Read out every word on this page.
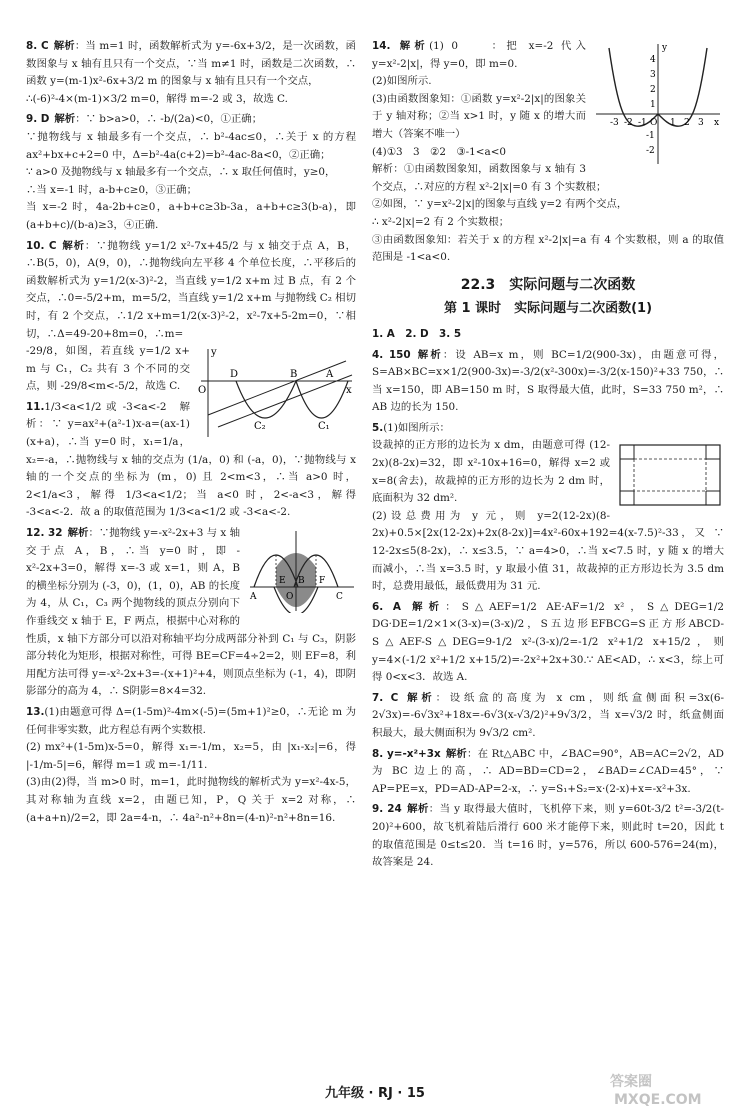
8. C 解析：当 m=1 时，函数解析式为 y=-6x+3/2，是一次函数，函数图象与 x 轴有且只有一个交点，∵当 m≠1 时，函数是二次函数，∴函数 y=(m-1)x²-6x+3/2 m 的图象与 x 轴有且只有一个交点，

∴(-6)²-4×(m-1)×3/2 m=0，解得 m=-2 或 3，故选 C.

9. D 解析：∵ b>a>0，∴ -b/(2a)<0，①正确；

∵抛物线与 x 轴最多有一个交点，∴ b²-4ac≤0，∴关于 x 的方程 ax²+bx+c+2=0 中，Δ=b²-4a(c+2)=b²-4ac-8a<0，②正确；

∵ a>0 及抛物线与 x 轴最多有一个交点，∴ x 取任何值时，y≥0，

∴当 x=-1 时，a-b+c≥0，③正确；

当 x=-2 时，4a-2b+c≥0，a+b+c≥3b-3a，a+b+c≥3(b-a)，即 (a+b+c)/(b-a)≥3，④正确.

10. C 解析：∵抛物线 y=1/2 x²-7x+45/2 与 x 轴交于点 A，B，∴B(5，0)，A(9，0)，∴抛物线向左平移 4 个单位长度，∴平移后的函数解析式为 y=1/2(x-3)²-2，当直线 y=1/2 x+m 过 B 点，有 2 个交点，∴0=-5/2+m，m=5/2，当直线 y=1/2 x+m 与抛物线 C₂ 相切时，有 2 个交点，∴1/2 x+m=1/2(x-3)²-2，x²-7x+5-2m=0，∵相切，∴Δ=49-20+8m=0，∴m=

y
D	B	A
x
O
C₂	C₁

-29/8，如图，若直线 y=1/2 x+ m 与 C₁，C₂ 共有 3 个不同的交点，则 -29/8<m<-5/2，故选 C.

11.1/3<a<1/2 或 -3<a<-2　解析：∵ y=ax²+(a²-1)x-a=(ax-1)(x+a)，∴当 y=0 时，x₁=1/a，x₂=-a，∴抛物线与 x 轴的交点为 (1/a，0) 和 (-a，0)，∵抛物线与 x 轴的一个交点的坐标为 (m，0) 且 2<m<3，∴当 a>0 时，2<1/a<3，解得 1/3<a<1/2；当 a<0 时，2<-a<3，解得 -3<a<-2．故 a 的取值范围为 1/3<a<1/2 或 -3<a<-2.

E B F
A	O	C

12. 32 解析：∵抛物线 y=-x²-2x+3 与 x 轴交于点 A，B，∴当 y=0 时，即 -x²-2x+3=0，解得 x=-3 或 x=1，则 A，B 的横坐标分别为 (-3，0)，(1，0)，AB 的长度为 4，从 C₁，C₃ 两个抛物线的顶点分别向下作垂线交 x 轴于 E，F 两点，根据中心对称的性质，x 轴下方部分可以沿对称轴平均分成两部分补到 C₁ 与 C₃，阴影部分转化为矩形，根据对称性，可得 BE=CF=4÷2=2，则 EF=8，利用配方法可得 y=-x²-2x+3=-(x+1)²+4，则顶点坐标为 (-1，4)，即阴影部分的高为 4，∴ S阴影=8×4=32.

13.(1)由题意可得 Δ=(1-5m)²-4m×(-5)=(5m+1)²≥0，∴无论 m 为任何非零实数，此方程总有两个实数根.

(2) mx²+(1-5m)x-5=0，解得 x₁=-1/m，x₂=5，由 |x₁-x₂|=6，得 |-1/m-5|=6，解得 m=1 或 m=-1/11.

(3)由(2)得，当 m>0 时，m=1，此时抛物线的解析式为 y=x²-4x-5，其对称轴为直线 x=2，由题已知，P，Q 关于 x=2 对称，∴ (a+a+n)/2=2，即 2a=4-n，∴ 4a²-n²+8n=(4-n)²-n²+8n=16.

-3 -2 -1 O 1 2 3 x
y
4
3
2
1
-1
-2

14. 解析(1) 0　　：把 x=-2 代入 y=x²-2|x|，得 y=0，即 m=0.

(2)如图所示.

(3)由函数图象知：①函数 y=x²-2|x|的图象关于 y 轴对称；②当 x>1 时，y 随 x 的增大而增大（答案不唯一）

(4)①3　3　②2　③-1<a<0

解析：①由函数图象知，函数图象与 x 轴有 3 个交点，∴对应的方程 x²-2|x|=0 有 3 个实数根；

②如图，∵ y=x²-2|x|的图象与直线 y=2 有两个交点，

∴ x²-2|x|=2 有 2 个实数根；

③由函数图象知：若关于 x 的方程 x²-2|x|=a 有 4 个实数根，则 a 的取值范围是 -1<a<0.

22.3　实际问题与二次函数
第 1 课时　实际问题与二次函数(1)

1. A　2. D　3. 5

4. 150 解析：设 AB=x m，则 BC=1/2(900-3x)，由题意可得，S=AB×BC=x×1/2(900-3x)=-3/2(x²-300x)=-3/2(x-150)²+33 750，∴当 x=150，即 AB=150 m 时，S 取得最大值，此时，S=33 750 m²，∴ AB 边的长为 150.

5.(1)如图所示：

设裁掉的正方形的边长为 x dm，由题意可得 (12-2x)(8-2x)=32，即 x²-10x+16=0，解得 x=2 或 x=8(舍去)，故裁掉的正方形的边长为 2 dm 时，底面积为 32 dm².

(2)设总费用为 y 元，则 y=2(12-2x)(8-2x)+0.5×[2x(12-2x)+2x(8-2x)]=4x²-60x+192=4(x-7.5)²-33，又 ∵ 12-2x≤5(8-2x)，∴ x≤3.5，∵ a=4>0，∴当 x<7.5 时，y 随 x 的增大而减小，∴当 x=3.5 时，y 取最小值 31，故裁掉的正方形边长为 3.5 dm 时，总费用最低，最低费用为 31 元.

6. A 解析：S△AEF=1/2 AE·AF=1/2 x²，S△DEG=1/2 DG·DE=1/2×1×(3-x)=(3-x)/2，S五边形EFBCG=S正方形ABCD-S△AEF-S△DEG=9-1/2 x²-(3-x)/2=-1/2 x²+1/2 x+15/2，则 y=4×(-1/2 x²+1/2 x+15/2)=-2x²+2x+30.∵ AE<AD，∴ x<3，综上可得 0<x<3．故选 A.

7. C 解析：设纸盒的高度为 x cm，则纸盒侧面积=3x(6-2√3x)=-6√3x²+18x=-6√3(x-√3/2)²+9√3/2，当 x=√3/2 时，纸盒侧面积最大，最大侧面积为 9√3/2 cm².

8. y=-x²+3x 解析：在 Rt△ABC 中，∠BAC=90°，AB=AC=2√2，AD 为 BC 边上的高，∴ AD=BD=CD=2，∠BAD=∠CAD=45°，∵ AP=PE=x，PD=AD-AP=2-x，∴ y=S₁+S₂=x·(2-x)+x=-x²+3x.

9. 24 解析：当 y 取得最大值时，飞机停下来，则 y=60t-3/2 t²=-3/2(t-20)²+600，故飞机着陆后滑行 600 米才能停下来，则此时 t=20，因此 t 的取值范围是 0≤t≤20．当 t=16 时，y=576，所以 600-576=24(m)，故答案是 24.

九年级 · RJ · 15
答案圈
MXQE.COM
